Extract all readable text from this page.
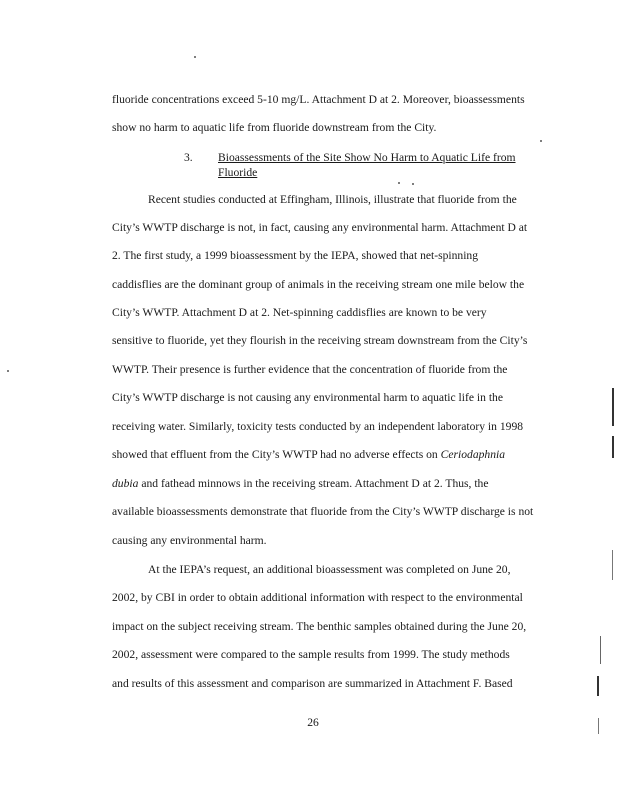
fluoride concentrations exceed 5-10 mg/L. Attachment D at 2. Moreover, bioassessments
show no harm to aquatic life from fluoride downstream from the City.
3. Bioassessments of the Site Show No Harm to Aquatic Life from Fluoride
Recent studies conducted at Effingham, Illinois, illustrate that fluoride from the
City’s WWTP discharge is not, in fact, causing any environmental harm. Attachment D at
2. The first study, a 1999 bioassessment by the IEPA, showed that net-spinning
caddisflies are the dominant group of animals in the receiving stream one mile below the
City’s WWTP. Attachment D at 2. Net-spinning caddisflies are known to be very
sensitive to fluoride, yet they flourish in the receiving stream downstream from the City’s
WWTP. Their presence is further evidence that the concentration of fluoride from the
City’s WWTP discharge is not causing any environmental harm to aquatic life in the
receiving water. Similarly, toxicity tests conducted by an independent laboratory in 1998
showed that effluent from the City’s WWTP had no adverse effects on Ceriodaphnia
dubia and fathead minnows in the receiving stream. Attachment D at 2. Thus, the
available bioassessments demonstrate that fluoride from the City’s WWTP discharge is not
causing any environmental harm.
At the IEPA’s request, an additional bioassessment was completed on June 20,
2002, by CBI in order to obtain additional information with respect to the environmental
impact on the subject receiving stream. The benthic samples obtained during the June 20,
2002, assessment were compared to the sample results from 1999. The study methods
and results of this assessment and comparison are summarized in Attachment F. Based
26
